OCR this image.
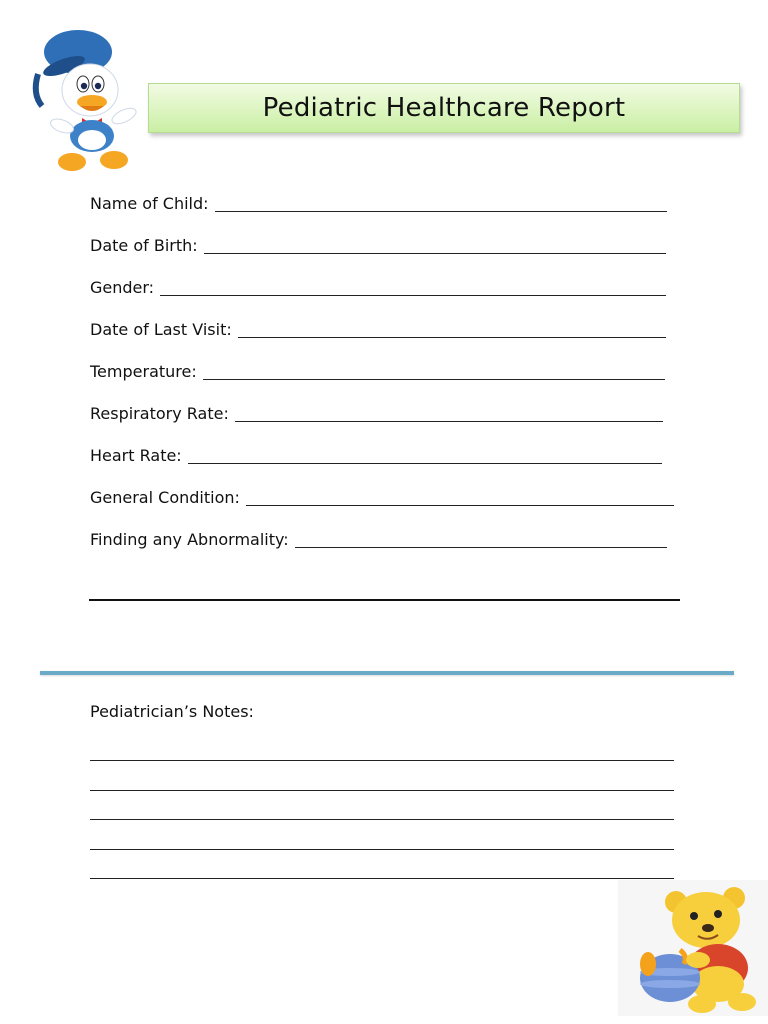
Pediatric Healthcare Report
Name of Child:
Date of Birth:
Gender:
Date of Last Visit:
Temperature:
Respiratory Rate:
Heart Rate:
General Condition:
Finding any Abnormality:
Pediatrician’s Notes:
